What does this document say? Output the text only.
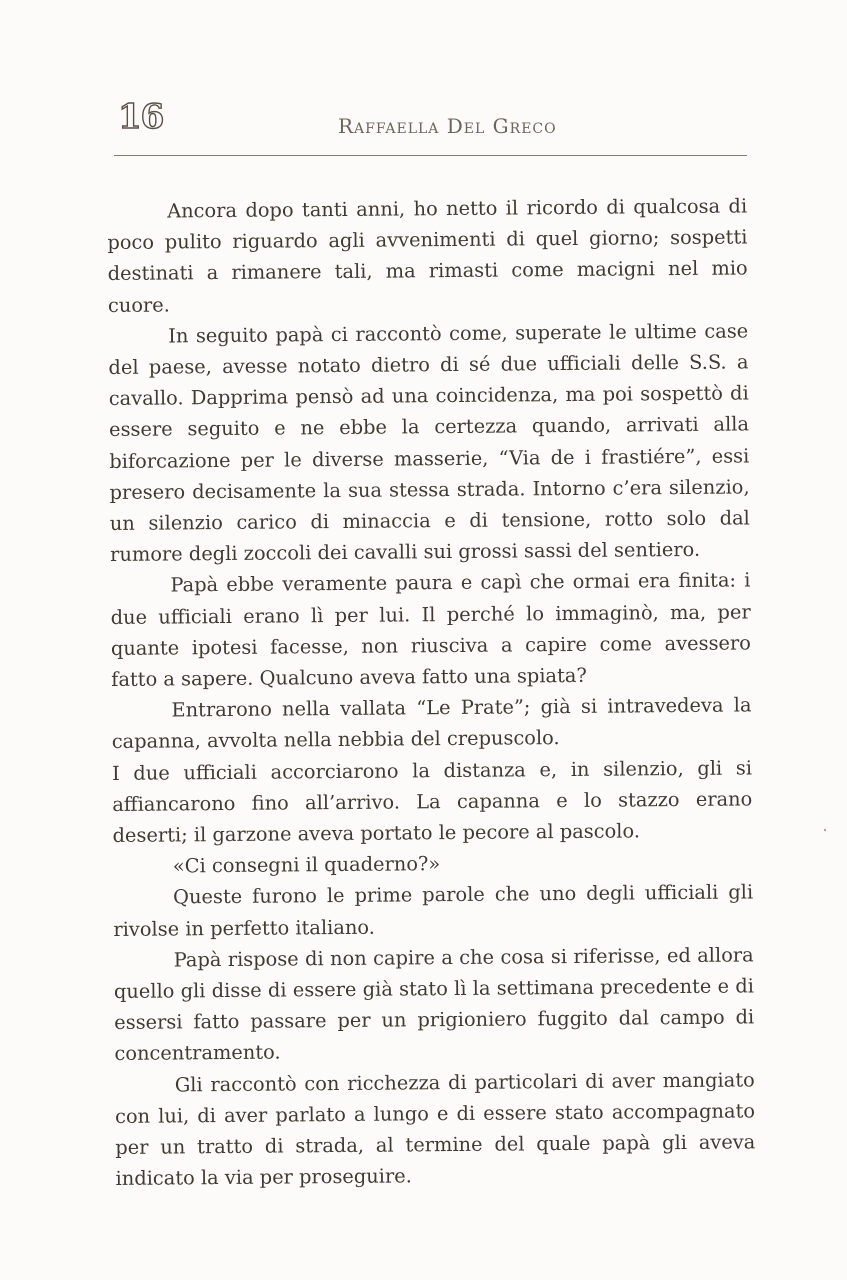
16	Raffaella Del Greco

Ancora dopo tanti anni, ho netto il ricordo di qualcosa di poco pulito riguardo agli avvenimenti di quel giorno; sospetti destinati a rimanere tali, ma rimasti come macigni nel mio cuore.

In seguito papà ci raccontò come, superate le ultime case del paese, avesse notato dietro di sé due ufficiali delle S.S. a cavallo. Dapprima pensò ad una coincidenza, ma poi sospettò di essere seguito e ne ebbe la certezza quando, arrivati alla biforcazione per le diverse masserie, “Via de i frastiére”, essi presero decisamente la sua stessa strada. Intorno c’era silenzio, un silenzio carico di minaccia e di tensione, rotto solo dal rumore degli zoccoli dei cavalli sui grossi sassi del sentiero.

Papà ebbe veramente paura e capì che ormai era finita: i due ufficiali erano lì per lui. Il perché lo immaginò, ma, per quante ipotesi facesse, non riusciva a capire come avessero fatto a sapere. Qualcuno aveva fatto una spiata?

Entrarono nella vallata “Le Prate”; già si intravedeva la capanna, avvolta nella nebbia del crepuscolo.

I due ufficiali accorciarono la distanza e, in silenzio, gli si affiancarono fino all’arrivo. La capanna e lo stazzo erano deserti; il garzone aveva portato le pecore al pascolo.

«Ci consegni il quaderno?»

Queste furono le prime parole che uno degli ufficiali gli rivolse in perfetto italiano.

Papà rispose di non capire a che cosa si riferisse, ed allora quello gli disse di essere già stato lì la settimana precedente e di essersi fatto passare per un prigioniero fuggito dal campo di concentramento.

Gli raccontò con ricchezza di particolari di aver mangiato con lui, di aver parlato a lungo e di essere stato accompagnato per un tratto di strada, al termine del quale papà gli aveva indicato la via per proseguire.
